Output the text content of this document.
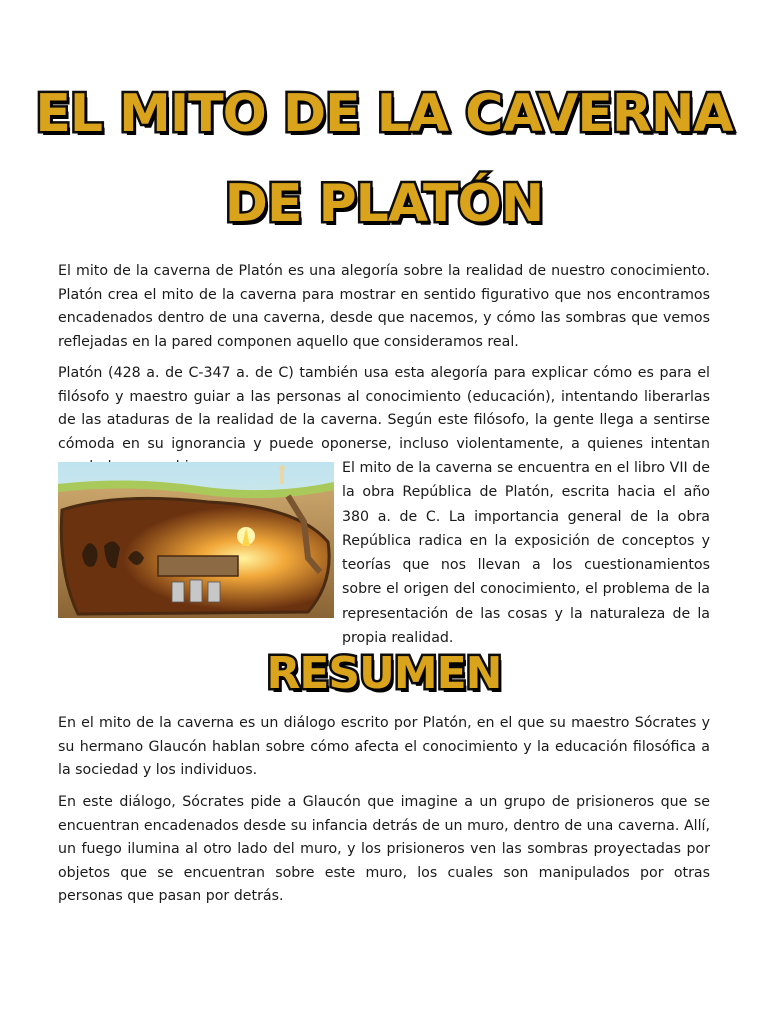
EL MITO DE LA CAVERNA
DE PLATÓN

El mito de la caverna de Platón es una alegoría sobre la realidad de nuestro conocimiento. Platón crea el mito de la caverna para mostrar en sentido figurativo que nos encontramos encadenados dentro de una caverna, desde que nacemos, y cómo las sombras que vemos reflejadas en la pared componen aquello que consideramos real.

Platón (428 a. de C-347 a. de C) también usa esta alegoría para explicar cómo es para el filósofo y maestro guiar a las personas al conocimiento (educación), intentando liberarlas de las ataduras de la realidad de la caverna. Según este filósofo, la gente llega a sentirse cómoda en su ignorancia y puede oponerse, incluso violentamente, a quienes intentan

El mito de la caverna se encuentra en el libro VII de la obra República de Platón, escrita hacia el año 380 a. de C. La importancia general de la obra República radica en la exposición de conceptos y teorías que nos llevan a los cuestionamientos sobre el origen del conocimiento, el problema de la representación de las cosas y la naturaleza de la propia realidad.

RESUMEN

En el mito de la caverna es un diálogo escrito por Platón, en el que su maestro Sócrates y su hermano Glaucón hablan sobre cómo afecta el conocimiento y la educación filosófica a la sociedad y los individuos.

En este diálogo, Sócrates pide a Glaucón que imagine a un grupo de prisioneros que se encuentran encadenados desde su infancia detrás de un muro, dentro de una caverna. Allí, un fuego ilumina al otro lado del muro, y los prisioneros ven las sombras proyectadas por objetos que se encuentran sobre este muro, los cuales son manipulados por otras personas que pasan por detrás.
